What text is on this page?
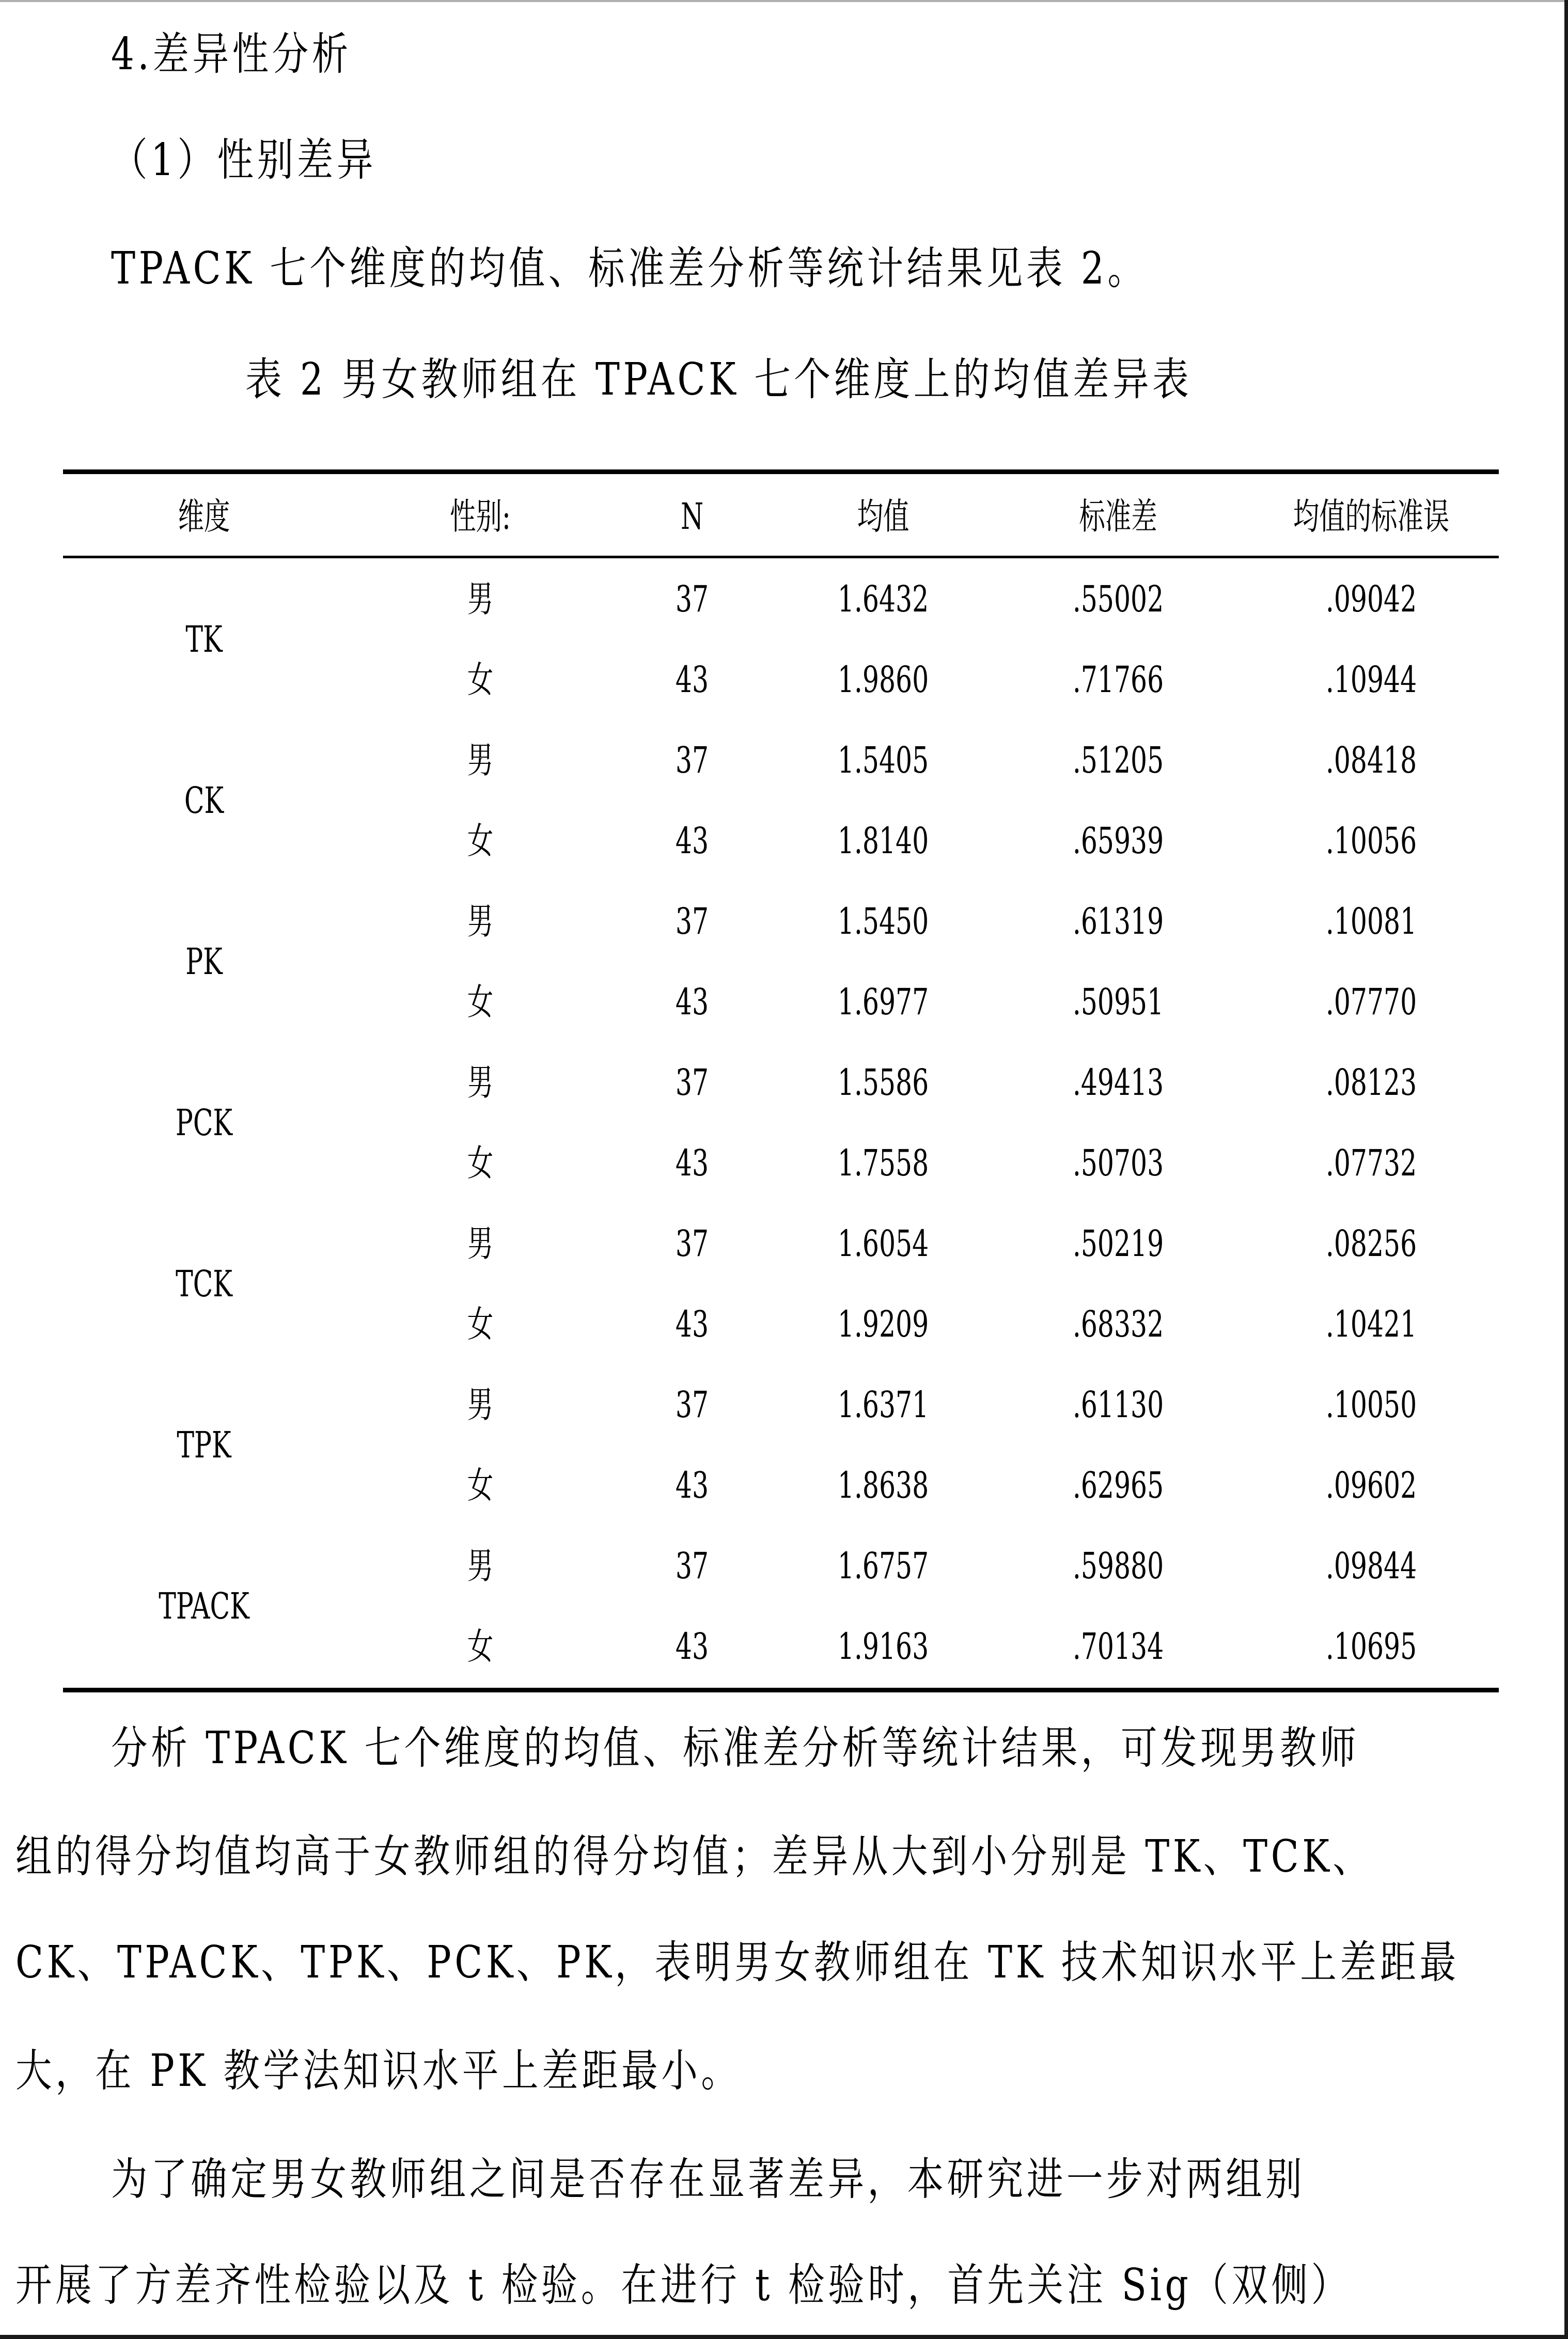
4.差异性分析
（1）性别差异
TPACK 七个维度的均值、标准差分析等统计结果见表 2。
表 2 男女教师组在 TPACK 七个维度上的均值差异表
维度	性别:	N	均值	标准差	均值的标准误
TK
男	37	1.6432	.55002	.09042
女	43	1.9860	.71766	.10944
CK
男	37	1.5405	.51205	.08418
女	43	1.8140	.65939	.10056
PK
男	37	1.5450	.61319	.10081
女	43	1.6977	.50951	.07770
PCK
男	37	1.5586	.49413	.08123
女	43	1.7558	.50703	.07732
TCK
男	37	1.6054	.50219	.08256
女	43	1.9209	.68332	.10421
TPK
男	37	1.6371	.61130	.10050
女	43	1.8638	.62965	.09602
TPACK
男	37	1.6757	.59880	.09844
女	43	1.9163	.70134	.10695
分析 TPACK 七个维度的均值、标准差分析等统计结果，可发现男教师
组的得分均值均高于女教师组的得分均值；差异从大到小分别是 TK、TCK、
CK、TPACK、TPK、PCK、PK，表明男女教师组在 TK 技术知识水平上差距最
大，在 PK 教学法知识水平上差距最小。
为了确定男女教师组之间是否存在显著差异，本研究进一步对两组别
开展了方差齐性检验以及 t 检验。在进行 t 检验时，首先关注 Sig（双侧）
